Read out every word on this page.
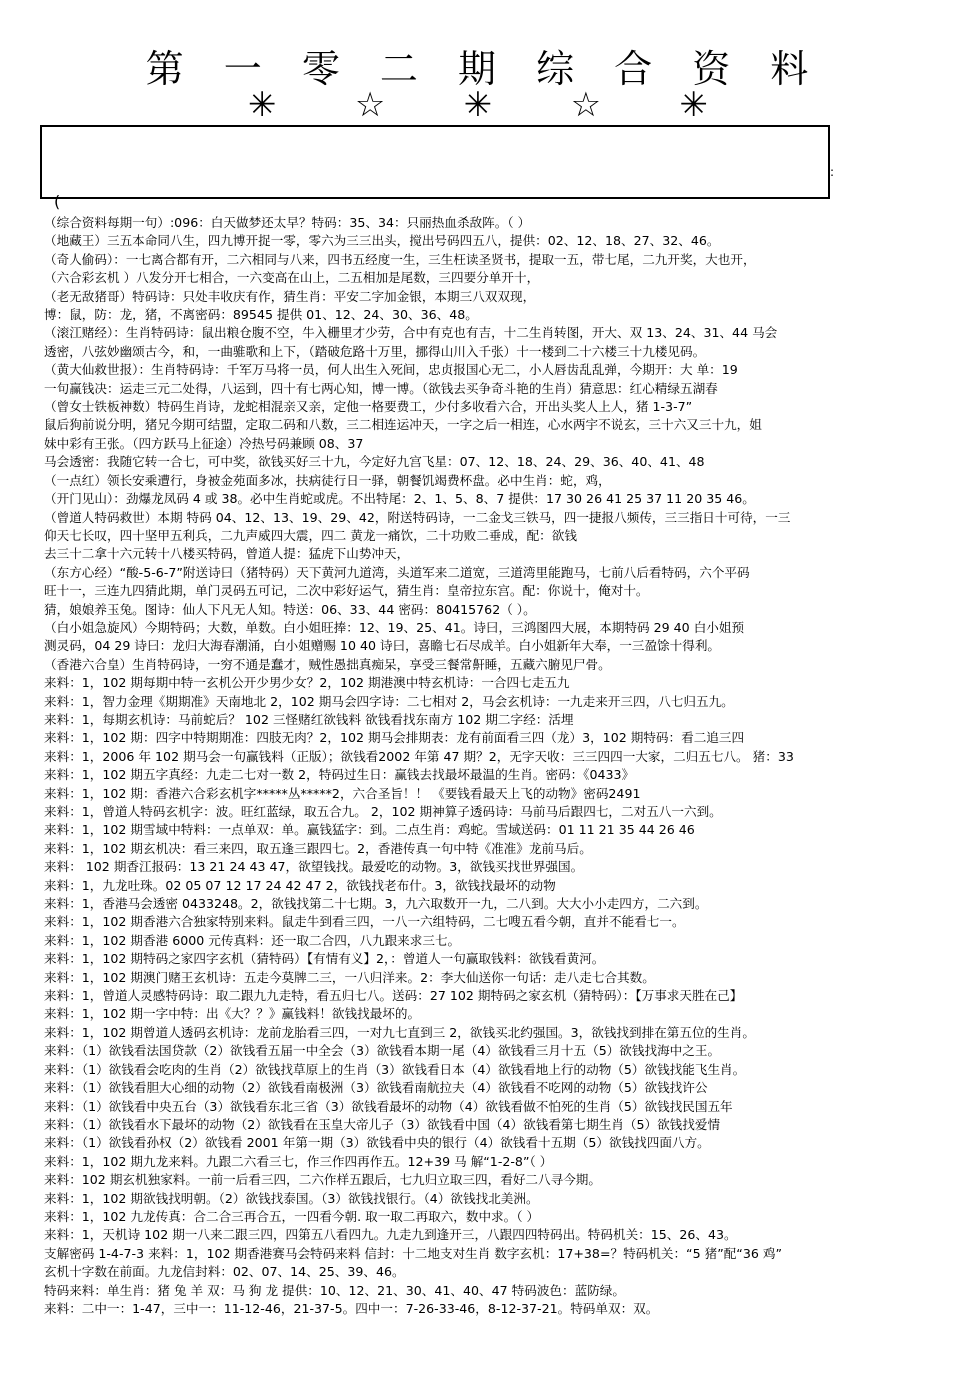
第 一 零 二 期 综 合 资 料
✳ ☆ ✳ ☆ ✳
:
(
（综合资料每期一句）:096：白天做梦还太早？特码：35、34：只丽热血杀敌阵。（ ）
（地藏王）三五本命同八生，四九博开捉一零，零六为三三出头，搅出号码四五八，提供：02、12、18、27、32、46。
（奇人偷码）：一七离合都有开，二六相同与八来，四书五经度一生，三生枉读圣贤书，提取一五，带七尾，二九开奖，大也开，
（六合彩玄机 ）八发分开七相合，一六变高在山上，二五相加是尾数，三四要分单开十，
（老无敌猪哥）特码诗：只处丰收庆有作，猜生肖：平安二字加金银，本期三八双双现，
博：鼠，防：龙，猪，不离密码：89545 提供 01、12、24、30、36、48。
（滚江赌经）：生肖特码诗：鼠出粮仓腹不空，牛入栅里才少劳，合中有克也有吉，十二生肖转图，开大、双 13、24、31、44 马会
透密，八弦妙幽颂古今，和，一曲骓歌和上下，（踏破危路十万里，挪得山川入千张）十一楼到二十六楼三十九楼见码。
（黄大仙救世报）：生肖特码诗：千军万马将一员，何人出生入死间，忠贞报国心无二，小人唇齿乱乱弹，今期开：大 单：19
一句赢钱决：运走三元二处得，八运到，四十有七两心知，博一博。（欲钱去买争奇斗艳的生肖）猜意思：红心精绿五湖春
（曾女士铁板神数）特码生肖诗，龙蛇相混亲又亲，定他一格要费工，少付多收看六合，开出头奖人上人，猪 1-3-7”
鼠后狗前说分明，猪兄今期可结盟，定取二码和八数，三二相连运冲天，一字之后一相连，心水两宇不说玄，三十六又三十九，姐
妹中彩有王张。（四方跃马上征途）冷热号码兼顾 08、37
马会透密：我随它转一合七，可中奖，欲钱买好三十九，今定好九宫飞星：07、12、18、24、29、36、40、41、48
（一点红）领长安乘遭行，身被金苑面多冰，扶病徒行日一驿，朝餐饥竭费杯盘。必中生肖：蛇，鸡，
（开门见山）：劲爆龙凤码 4 或 38。必中生肖蛇或虎。不出特尾：2、1、5、8、7 提供：17 30 26 41 25 37 11 20 35 46。
（曾道人特码救世）本期 特码 04、12、13、19、29、42，附送特码诗，一二金戈三铁马，四一捷报八频传，三三指日十可待，一三
仰天七长叹，四十坚甲五利兵，二九声威四大震，四二 黄龙一痛饮，二十功败二垂成，配：欲钱
去三十二拿十六元转十八楼买特码，曾道人提：猛虎下山势冲天，
（东方心经）“酸-5-6-7”附送诗曰（猪特码）天下黄河九道湾，头道军来二道宽，三道湾里能跑马，七前八后看特码，六个平码
旺十一，三连九四猜此期，单门灵码五可记，二次中彩好运气，猜生肖：皇帝拉东宫。配：你说十，俺对十。
猜，娘娘养玉兔。图诗：仙人下凡无人知。特送：06、33、44 密码：80415762（ ）。
（白小姐急旋风）今期特码；大数，单数。白小姐旺捧：12、19、25、41。诗曰，三鸿图四大展，本期特码 29 40 白小姐预
测灵码，04 29 诗曰：龙归大海春潮涌，白小姐赠赐 10 40 诗曰，喜瞻七石尽成羊。白小姐新年大奉，一三盈馀十得利。
（香港六合皇）生肖特码诗，一穷不通是蠢才，贼性愚拙真痴呆，享受三餐常鼾睡，五藏六腑见尸骨。
来料：1，102 期每期中特一玄机公开少男少女？2，102 期港澳中特玄机诗：一合四七走五九
来料：1，智力金理《期期准》天南地北 2，102 期马会四字诗：二七相对 2，马会玄机诗：一九走来开三四，八七归五九。
来料：1，每期玄机诗：马前蛇后？ 102 三怪赌红欲钱料 欲钱看找东南方 102 期二字经：活埋
来料：1，102 期：四字中特期期准：四肢无肉？2，102 期马会排期表：龙有前面看三四（龙）3，102 期特码：看二追三四
来料：1，2006 年 102 期马会一句赢钱料（正版）；欲钱看2002 年第 47 期？2，无字天收：三三四四一大家，二归五七八。 猪：33
来料：1，102 期五字真经：九走二七对一数 2，特码过生日：赢钱去找最坏最温的生肖。密码：《0433》
来料：1，102 期：香港六合彩玄机字*****丛*****2，六合圣旨！！ 《要钱看最天上飞的动物》密码2491
来料：1，曾道人特码玄机字：波。旺红蓝绿，取五合九。 2，102 期神算子透码诗：马前马后跟四七，二对五八一六到。
来料：1，102 期雪域中特料：一点单双：单。赢钱猛字：到。二点生肖：鸡蛇。雪域送码：01 11 21 35 44 26 46
来料：1，102 期玄机决：看三来四，取五逢三跟四七。2，香港传真一句中特《准准》龙前马后。
来料： 102 期香江报码：13 21 24 43 47，欲望钱找。最爱吃的动物。3，欲钱买找世界强国。
来料：1，九龙吐珠。02 05 07 12 17 24 42 47 2，欲钱找老布什。3，欲钱找最坏的动物
来料：1，香港马会透密 0433248。2，欲钱找第二十七期。3，九六取数开一九，二八到。大大小小走四方，二六到。
来料：1，102 期香港六合独家特别来料。鼠走牛到看三四，一八一六组特码，二七嗖五看今朝，直并不能看七一。
来料：1，102 期香港 6000 元传真料：还一取二合四，八九跟来求三七。
来料：1，102 期特码之家四字玄机（猜特码）【有情有义】2，：曾道人一句赢取钱料：欲钱看黄河。
来料：1，102 期澳门赌王玄机诗：五走今莫牌二三，一八归洋来。2：李大仙送你一句话：走八走七合其数。
来料：1，曾道人灵感特码诗：取二跟九九走特，看五归七八。送码：27 102 期特码之家玄机（猜特码）：【万事求天胜在己】
来料：1，102 期一字中特：出《大？？》赢钱料！欲钱找最坏的。
来料：1，102 期曾道人透码玄机诗：龙前龙胎看三四，一对九七直到三 2，欲钱买北约强国。3，欲钱找到排在第五位的生肖。
来料：（1）欲钱看法国贷款（2）欲钱看五届一中全会（3）欲钱看本期一尾（4）欲钱看三月十五（5）欲钱找海中之王。
来料：（1）欲钱看会吃肉的生肖（2）欲钱找草原上的生肖（3）欲钱看日本（4）欲钱看地上行的动物（5）欲钱找能飞生肖。
来料：（1）欲钱看胆大心细的动物（2）欲钱看南极洲（3）欲钱看南航拉夫（4）欲钱看不吃网的动物（5）欲钱找许公
来料：（1）欲钱看中央五台（3）欲钱看东北三省（3）欲钱看最坏的动物（4）欲钱看做不怕死的生肖（5）欲钱找民国五年
来料：（1）欲钱看水下最坏的动物（2）欲钱看在玉皇大帝儿子（3）欲钱看中国（4）欲钱看第七期生肖（5）欲钱找爱情
来料：（1）欲钱看孙权（2）欲钱看 2001 年第一期（3）欲钱看中央的银行（4）欲钱看十五期（5）欲钱找四面八方。
来料：1，102 期九龙来料。九跟二六看三七，作三作四再作五。12+39 马 解“1-2-8”（ ）
来料：102 期玄机独家料。一前一后看三四，二六作样五跟后，七九归立取三四，看好二八寻今期。
来料：1，102 期欲钱找明朝。（2）欲钱找泰国。（3）欲钱找银行。（4）欲钱找北美洲。
来料：1，102 九龙传真：合二合三再合五，一四看今朝. 取一取二再取六，数中求。（ ）
来料：1，天机诗 102 期一八来二跟三四，四第五八看四九。九走九到逢开三，八跟四四特码出。特码机关：15、26、43。
支解密码 1-4-7-3 来料：1，102 期香港赛马会特码来料 信封：十二地支对生肖 数字玄机：17+38=？特码机关：“5 猪”配“36 鸡”
玄机十字数在前面。九龙信封料：02、07、14、25、39、46。
特码来料：单生肖：猪 兔 羊 双：马 狗 龙 提供：10、12、21、30、41、40、47 特码波色：蓝防绿。
来料：二中一：1-47，三中一：11-12-46，21-37-5。四中一：7-26-33-46，8-12-37-21。特码单双：双。
